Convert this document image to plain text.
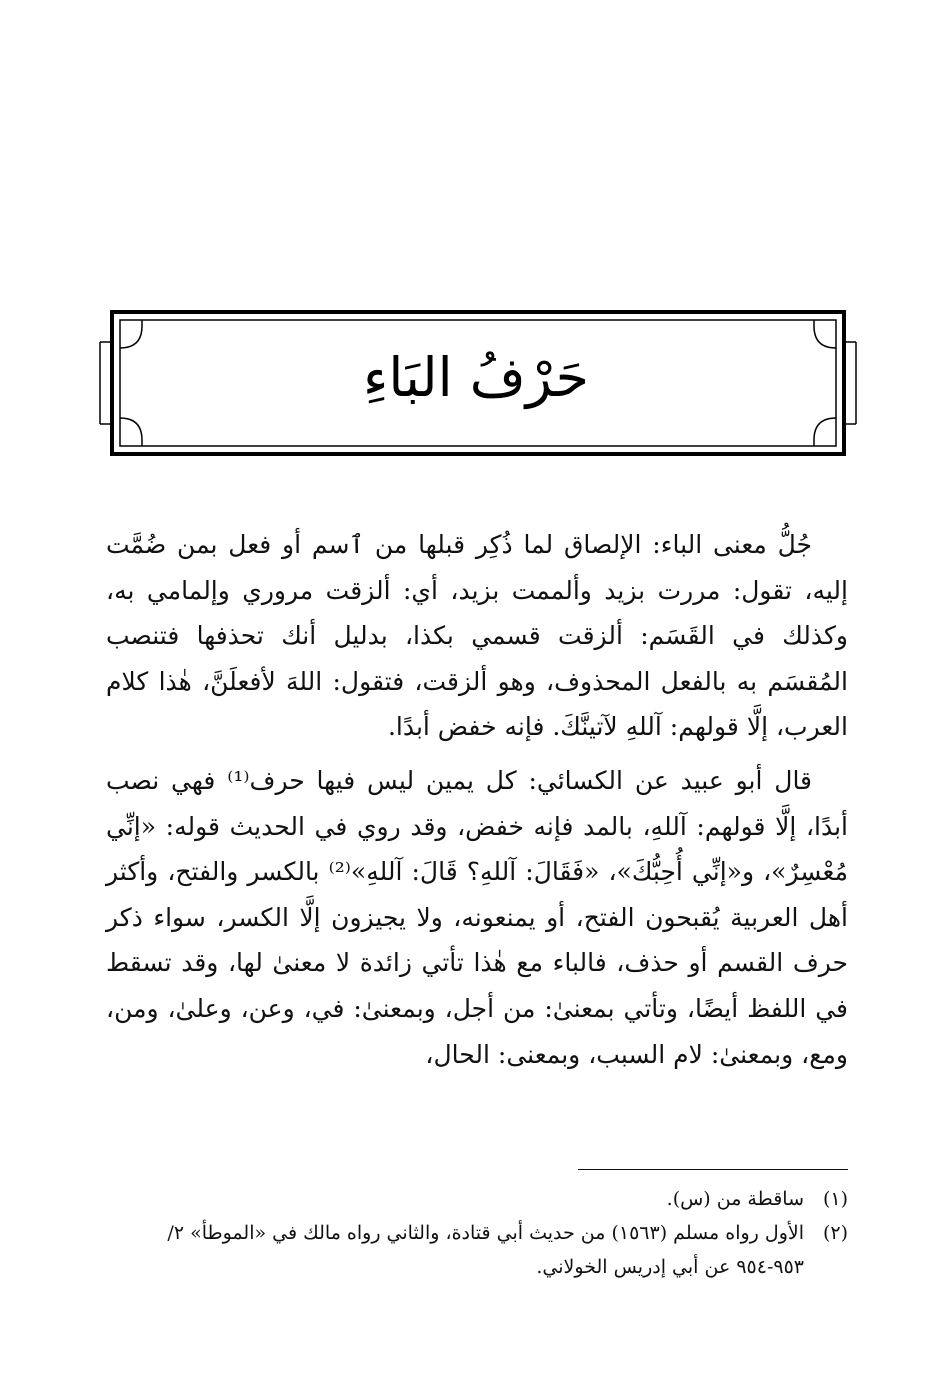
حَرْفُ البَاءِ

جُلُّ معنى الباء: الإلصاق لما ذُكِر قبلها من ٱسم أو فعل بمن ضُمَّت إليه، تقول: مررت بزيد وألممت بزيد، أي: ألزقت مروري وإلمامي به، وكذلك في القَسَم: ألزقت قسمي بكذا، بدليل أنك تحذفها فتنصب المُقسَم به بالفعل المحذوف، وهو ألزقت، فتقول: اللهَ لأفعلَنَّ، هٰذا كلام العرب، إلَّا قولهم: آللهِ لآتينَّكَ. فإنه خفض أبدًا.

قال أبو عبيد عن الكسائي: كل يمين ليس فيها حرف⁽¹⁾ فهي نصب أبدًا، إلَّا قولهم: آللهِ، بالمد فإنه خفض، وقد روي في الحديث قوله: «إنِّي مُعْسِرٌ»، و«إنِّي أُحِبُّكَ»، «فَقَالَ: آللهِ؟ قَالَ: آللهِ»⁽²⁾ بالكسر والفتح، وأكثر أهل العربية يُقبحون الفتح، أو يمنعونه، ولا يجيزون إلَّا الكسر، سواء ذكر حرف القسم أو حذف، فالباء مع هٰذا تأتي زائدة لا معنىٰ لها، وقد تسقط في اللفظ أيضًا، وتأتي بمعنىٰ: من أجل، وبمعنىٰ: في، وعن، وعلىٰ، ومن، ومع، وبمعنىٰ: لام السبب، وبمعنى: الحال،

(١)
ساقطة من (س).
(٢)
الأول رواه مسلم (١٥٦٣) من حديث أبي قتادة، والثاني رواه مالك في «الموطأ» ٢/ ٩٥٣-٩٥٤ عن أبي إدريس الخولاني.
